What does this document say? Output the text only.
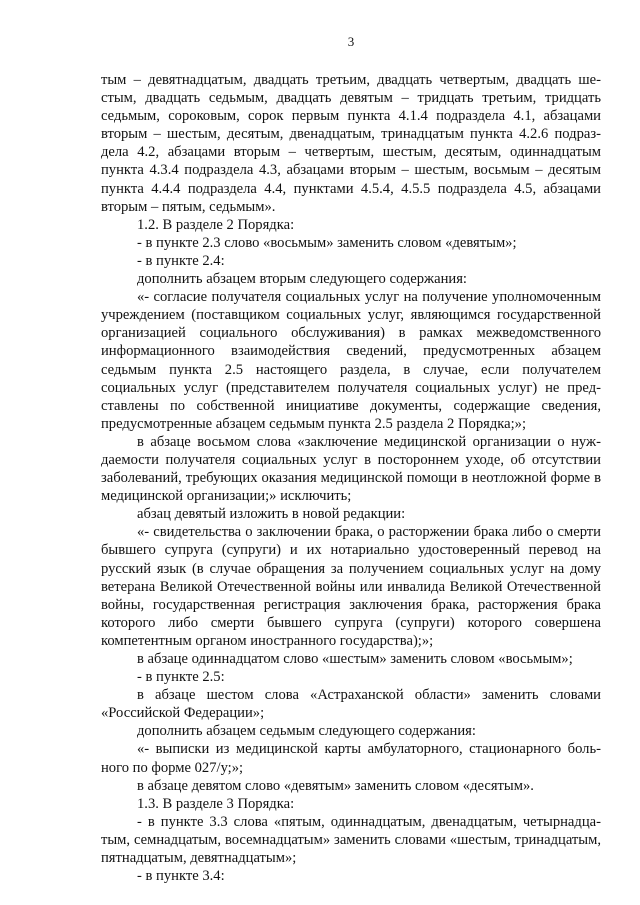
3

тым – девятнадцатым, двадцать третьим, двадцать четвертым, двадцать шестым, двадцать седьмым, двадцать девятым – тридцать третьим, тридцать седьмым, сороковым, сорок первым пункта 4.1.4 подраздела 4.1, абзацами вторым – шестым, десятым, двенадцатым, тринадцатым пункта 4.2.6 подраздела 4.2, абзацами вторым – четвертым, шестым, десятым, одиннадцатым пункта 4.3.4 подраздела 4.3, абзацами вторым – шестым, восьмым – десятым пункта 4.4.4 подраздела 4.4, пунктами 4.5.4, 4.5.5 подраздела 4.5, абзацами вторым – пятым, седьмым».

1.2. В разделе 2 Порядка:

- в пункте 2.3 слово «восьмым» заменить словом «девятым»;

- в пункте 2.4:

дополнить абзацем вторым следующего содержания:

«- согласие получателя социальных услуг на получение уполномоченным учреждением (поставщиком социальных услуг, являющимся государственной организацией социального обслуживания) в рамках межведомственного информационного взаимодействия сведений, предусмотренных абзацем седьмым пункта 2.5 настоящего раздела, в случае, если получателем социальных услуг (представителем получателя социальных услуг) не представлены по собственной инициативе документы, содержащие сведения, предусмотренные абзацем седьмым пункта 2.5 раздела 2 Порядка;»;

в абзаце восьмом слова «заключение медицинской организации о нуждаемости получателя социальных услуг в постороннем уходе, об отсутствии заболеваний, требующих оказания медицинской помощи в неотложной форме в медицинской организации;» исключить;

абзац девятый изложить в новой редакции:

«- свидетельства о заключении брака, о расторжении брака либо о смерти бывшего супруга (супруги) и их нотариально удостоверенный перевод на русский язык (в случае обращения за получением социальных услуг на дому ветерана Великой Отечественной войны или инвалида Великой Отечественной войны, государственная регистрация заключения брака, расторжения брака которого либо смерти бывшего супруга (супруги) которого совершена компетентным органом иностранного государства);»;

в абзаце одиннадцатом слово «шестым» заменить словом «восьмым»;

- в пункте 2.5:

в абзаце шестом слова «Астраханской области» заменить словами «Российской Федерации»;

дополнить абзацем седьмым следующего содержания:

«- выписки из медицинской карты амбулаторного, стационарного больного по форме 027/у;»;

в абзаце девятом слово «девятым» заменить словом «десятым».

1.3. В разделе 3 Порядка:

- в пункте 3.3 слова «пятым, одиннадцатым, двенадцатым, четырнадцатым, семнадцатым, восемнадцатым» заменить словами «шестым, тринадцатым, пятнадцатым, девятнадцатым»;

- в пункте 3.4:
